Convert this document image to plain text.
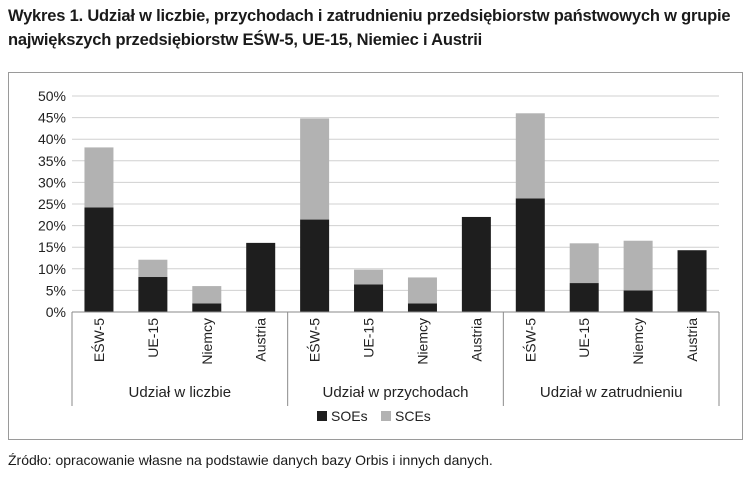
Wykres 1. Udział w liczbie, przychodach i zatrudnieniu przedsiębiorstw państwowych w grupie największych przedsiębiorstw EŚW-5, UE-15, Niemiec i Austrii
0%
5%
10%
15%
20%
25%
30%
35%
40%
45%
50%
EŚW-5	UE-15	Niemcy	Austria	EŚW-5	UE-15	Niemcy	Austria	EŚW-5	UE-15	Niemcy	Austria
Udział w liczbie	Udział w przychodach	Udział w zatrudnieniu
SOEs SCEs
Źródło: opracowanie własne na podstawie danych bazy Orbis i innych danych.
